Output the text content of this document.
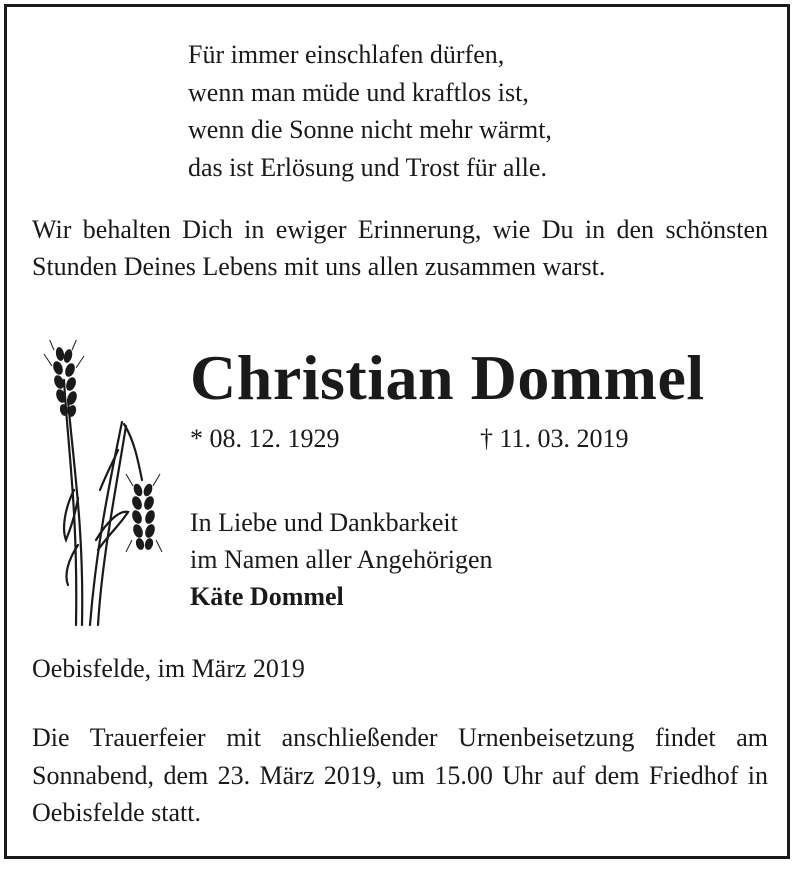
Für immer einschlafen dürfen,
wenn man müde und kraftlos ist,
wenn die Sonne nicht mehr wärmt,
das ist Erlösung und Trost für alle.
Wir behalten Dich in ewiger Erinnerung, wie Du in den schönsten Stunden Deines Lebens mit uns allen zusammen warst.
Christian Dommel
* 08. 12. 1929	† 11. 03. 2019
In Liebe und Dankbarkeit
im Namen aller Angehörigen
Käte Dommel
Oebisfelde, im März 2019
Die Trauerfeier mit anschließender Urnenbeisetzung findet am Sonnabend, dem 23. März 2019, um 15.00 Uhr auf dem Friedhof in Oebisfelde statt.
